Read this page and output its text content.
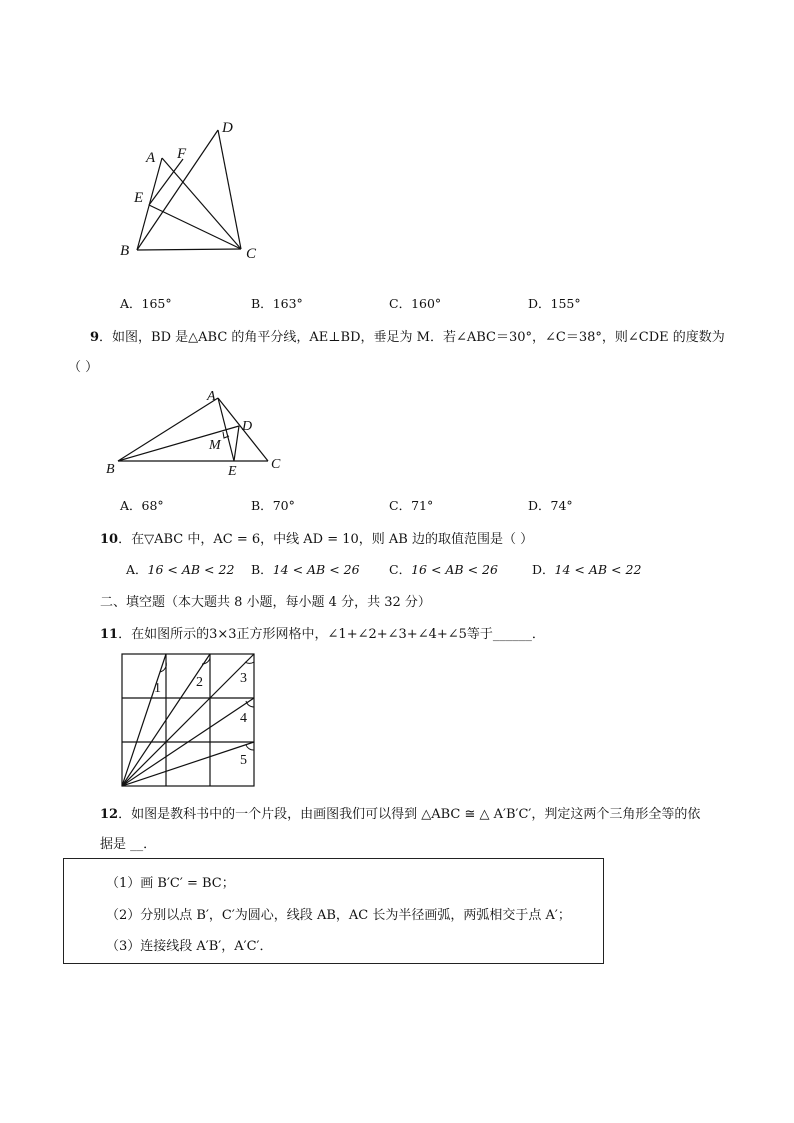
A F
D
E
B	C
A．165°	B．163°	C．160°	D．155°
9．如图，BD 是△ABC 的角平分线，AE⊥BD，垂足为 M．若∠ABC＝30°，∠C＝38°，则∠CDE 的度数为
（ ）
A
D
M
B	E C
A．68°	B．70°	C．71°	D．74°
10．在▽ABC 中，AC = 6，中线 AD = 10，则 AB 边的取值范围是（ ）
A．16 < AB < 22 B．14 < AB < 26 C．16 < AB < 26	D．14 < AB < 22
二、填空题（本大题共 8 小题，每小题 4 分，共 32 分）
11．在如图所示的3×3正方形网格中，∠1+∠2+∠3+∠4+∠5等于______．
1	2	3
4
5
12．如图是教科书中的一个片段，由画图我们可以得到 △ABC ≅ △ A′B′C′，判定这两个三角形全等的依
据是 __．
（1）画 B′C′ = BC；
（2）分别以点 B′，C′为圆心，线段 AB，AC 长为半径画弧，两弧相交于点 A′；
（3）连接线段 A′B′，A′C′．
